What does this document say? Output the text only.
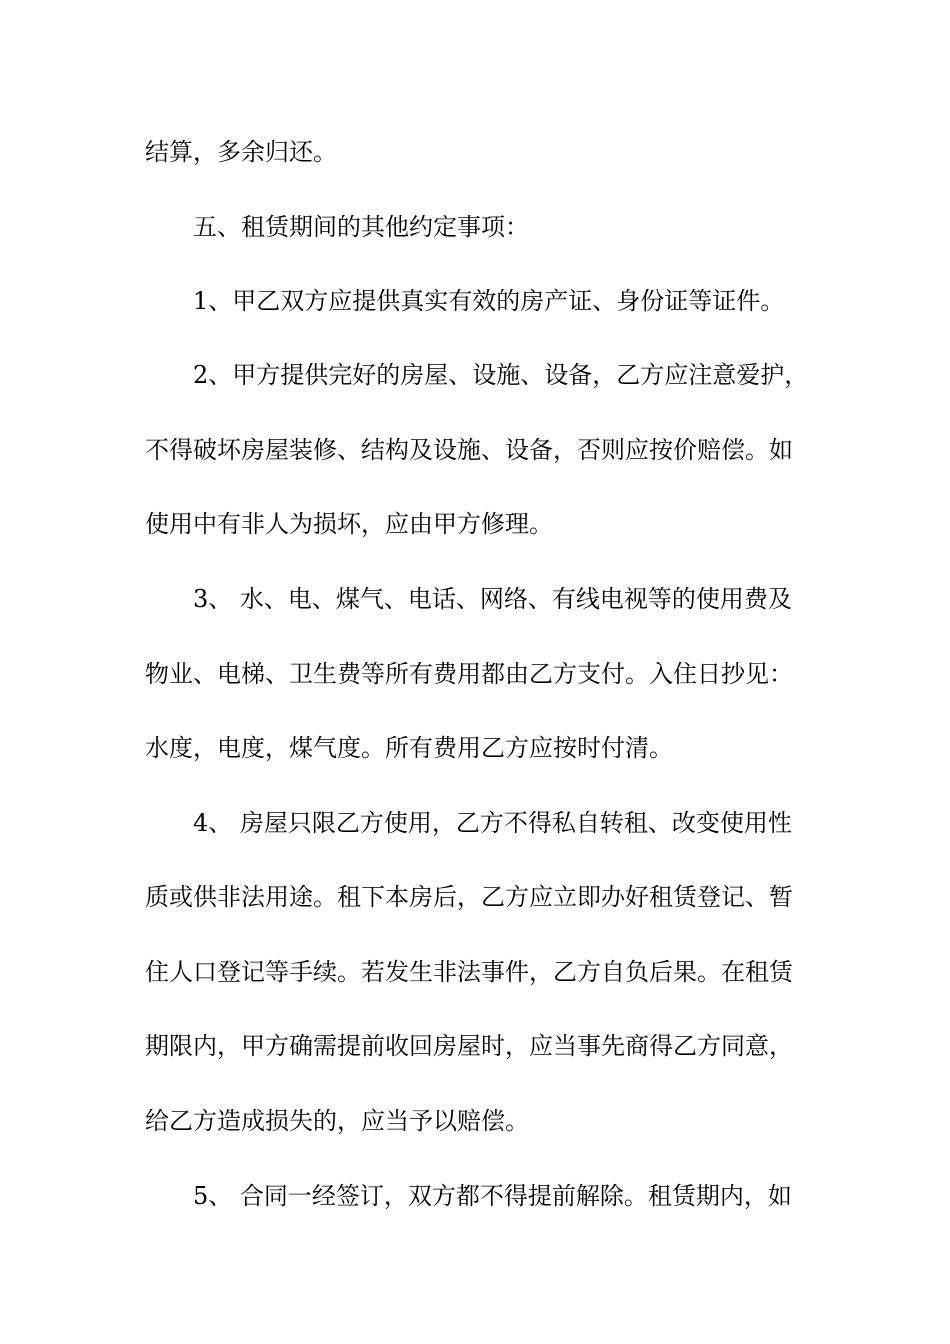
结算，多余归还。
五、租赁期间的其他约定事项：
1、甲乙双方应提供真实有效的房产证、身份证等证件。
2、甲方提供完好的房屋、设施、设备，乙方应注意爱护，
不得破坏房屋装修、结构及设施、设备，否则应按价赔偿。如
使用中有非人为损坏，应由甲方修理。
3、 水、电、煤气、电话、网络、有线电视等的使用费及
物业、电梯、卫生费等所有费用都由乙方支付。入住日抄见：
水度，电度，煤气度。所有费用乙方应按时付清。
4、 房屋只限乙方使用，乙方不得私自转租、改变使用性
质或供非法用途。租下本房后，乙方应立即办好租赁登记、暂
住人口登记等手续。若发生非法事件，乙方自负后果。在租赁
期限内，甲方确需提前收回房屋时，应当事先商得乙方同意，
给乙方造成损失的，应当予以赔偿。
5、 合同一经签订，双方都不得提前解除。租赁期内，如
